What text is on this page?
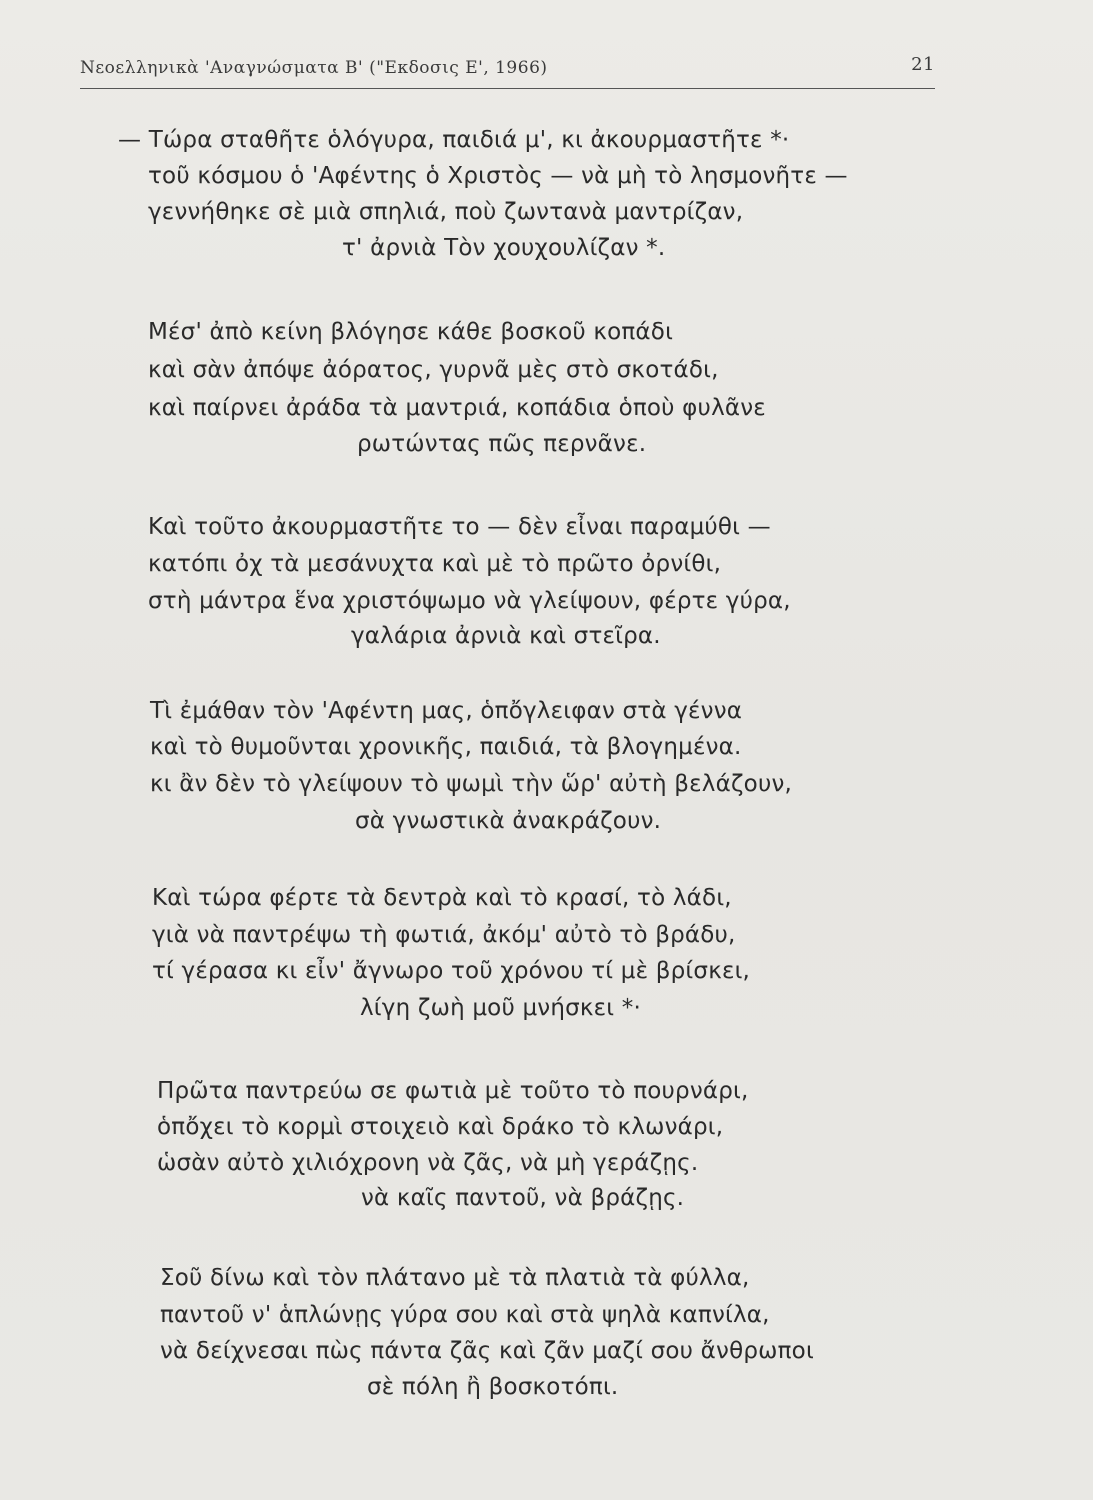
Νεοελληνικὰ 'Αναγνώσματα Β' ("Εκδοσις Ε', 1966)	21
— Τώρα σταθῆτε ὁλόγυρα, παιδιά μ', κι ἀκουρμαστῆτε *·
τοῦ κόσμου ὁ 'Αφέντης ὁ Χριστὸς — νὰ μὴ τὸ λησμονῆτε —
γεννήθηκε σὲ μιὰ σπηλιά, ποὺ ζωντανὰ μαντρίζαν,
τ' ἀρνιὰ Τὸν χουχουλίζαν *.
Μέσ' ἀπὸ κείνη βλόγησε κάθε βοσκοῦ κοπάδι
καὶ σὰν ἀπόψε ἀόρατος, γυρνᾶ μὲς στὸ σκοτάδι,
καὶ παίρνει ἀράδα τὰ μαντριά, κοπάδια ὁποὺ φυλᾶνε
ρωτώντας πῶς περνᾶνε.
Καὶ τοῦτο ἀκουρμαστῆτε το — δὲν εἶναι παραμύθι —
κατόπι ὀχ τὰ μεσάνυχτα καὶ μὲ τὸ πρῶτο ὀρνίθι,
στὴ μάντρα ἕνα χριστόψωμο νὰ γλείψουν, φέρτε γύρα,
γαλάρια ἀρνιὰ καὶ στεῖρα.
Τὶ ἐμάθαν τὸν 'Αφέντη μας, ὁπὄγλειφαν στὰ γέννα
καὶ τὸ θυμοῦνται χρονικῆς, παιδιά, τὰ βλογημένα.
κι ἂν δὲν τὸ γλείψουν τὸ ψωμὶ τὴν ὥρ' αὐτὴ βελάζουν,
σὰ γνωστικὰ ἀνακράζουν.
Καὶ τώρα φέρτε τὰ δεντρὰ καὶ τὸ κρασί, τὸ λάδι,
γιὰ νὰ παντρέψω τὴ φωτιά, ἀκόμ' αὐτὸ τὸ βράδυ,
τί γέρασα κι εἶν' ἄγνωρο τοῦ χρόνου τί μὲ βρίσκει,
λίγη ζωὴ μοῦ μνήσκει *·
Πρῶτα παντρεύω σε φωτιὰ μὲ τοῦτο τὸ πουρνάρι,
ὁπὄχει τὸ κορμὶ στοιχειὸ καὶ δράκο τὸ κλωνάρι,
ὡσὰν αὐτὸ χιλιόχρονη νὰ ζᾶς, νὰ μὴ γεράζῃς.
νὰ καῖς παντοῦ, νὰ βράζῃς.
Σοῦ δίνω καὶ τὸν πλάτανο μὲ τὰ πλατιὰ τὰ φύλλα,
παντοῦ ν' ἁπλώνῃς γύρα σου καὶ στὰ ψηλὰ καπνίλα,
νὰ δείχνεσαι πὼς πάντα ζᾶς καὶ ζᾶν μαζί σου ἄνθρωποι
σὲ πόλη ἢ βοσκοτόπι.
